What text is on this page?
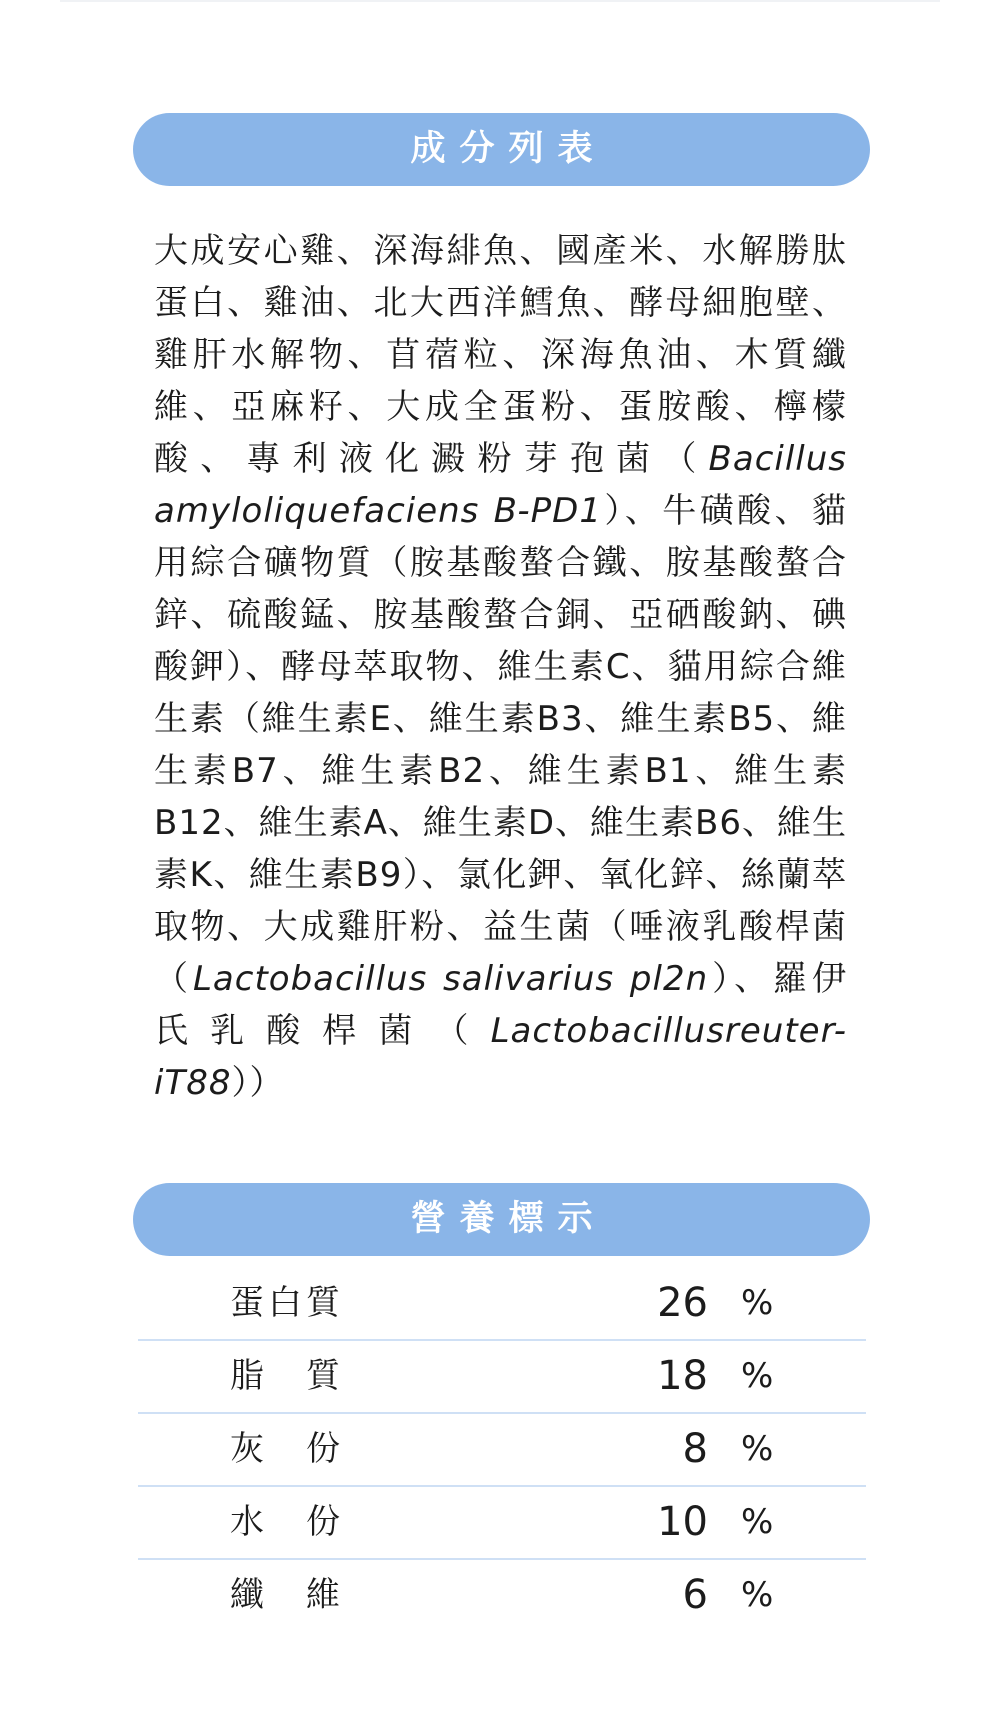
成分列表
大成安心雞、深海緋魚、國產米、水解勝肽蛋白、雞油、北大西洋鱈魚、酵母細胞壁、雞肝水解物、苜蓿粒、深海魚油、木質纖維、亞麻籽、大成全蛋粉、蛋胺酸、檸檬酸、專利液化澱粉芽孢菌（Bacillus amyloliquefaciens B-PD1）、牛磺酸、貓用綜合礦物質（胺基酸螯合鐵、胺基酸螯合鋅、硫酸錳、胺基酸螯合銅、亞硒酸鈉、碘酸鉀）、酵母萃取物、維生素C、貓用綜合維生素（維生素E、維生素B3、維生素B5、維生素B7、維生素B2、維生素B1、維生素B12、維生素A、維生素D、維生素B6、維生素K、維生素B9）、氯化鉀、氧化鋅、絲蘭萃取物、大成雞肝粉、益生菌（唾液乳酸桿菌（Lactobacillus salivarius pl2n）、羅伊氏乳酸桿菌（Lactobacillusreuter-iT88））
營養標示
蛋白質	26 %
脂　質	18 %
灰　份	8 %
水　份	10 %
纖　維	6 %
